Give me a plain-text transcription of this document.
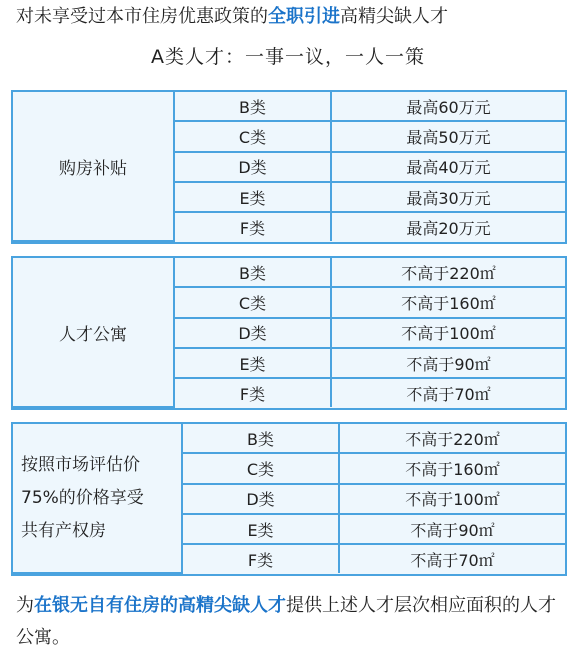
对未享受过本市住房优惠政策的全职引进高精尖缺人才
A类人才：一事一议，一人一策
购房补贴	B类	最高60万元
	C类	最高50万元
	D类	最高40万元
	E类	最高30万元
	F类	最高20万元
人才公寓	B类	不高于220㎡
	C类	不高于160㎡
	D类	不高于100㎡
	E类	不高于90㎡
	F类	不高于70㎡
按照市场评估价
75%的价格享受
共有产权房	B类	不高于220㎡
	C类	不高于160㎡
	D类	不高于100㎡
	E类	不高于90㎡
	F类	不高于70㎡
为在银无自有住房的高精尖缺人才提供上述人才层次相应面积的人才公寓。
